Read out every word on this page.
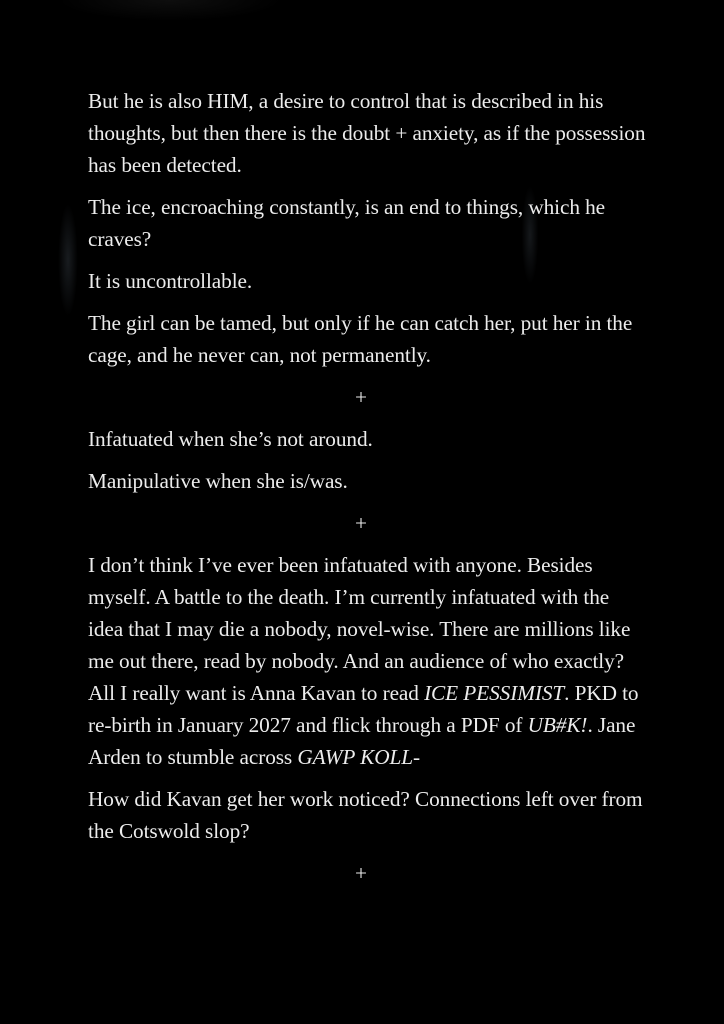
But he is also HIM, a desire to control that is described in his thoughts, but then there is the doubt + anxiety, as if the possession has been detected.

The ice, encroaching constantly, is an end to things, which he craves?

It is uncontrollable.

The girl can be tamed, but only if he can catch her, put her in the cage, and he never can, not permanently.

+

Infatuated when she’s not around.

Manipulative when she is/was.

+

I don’t think I’ve ever been infatuated with anyone. Besides myself. A battle to the death. I’m currently infatuated with the idea that I may die a nobody, novel-wise. There are millions like me out there, read by nobody. And an audience of who exactly? All I really want is Anna Kavan to read ICE PESSIMIST. PKD to re-birth in January 2027 and flick through a PDF of UB#K!. Jane Arden to stumble across GAWP KOLL-

How did Kavan get her work noticed? Connections left over from the Cotswold slop?

+
